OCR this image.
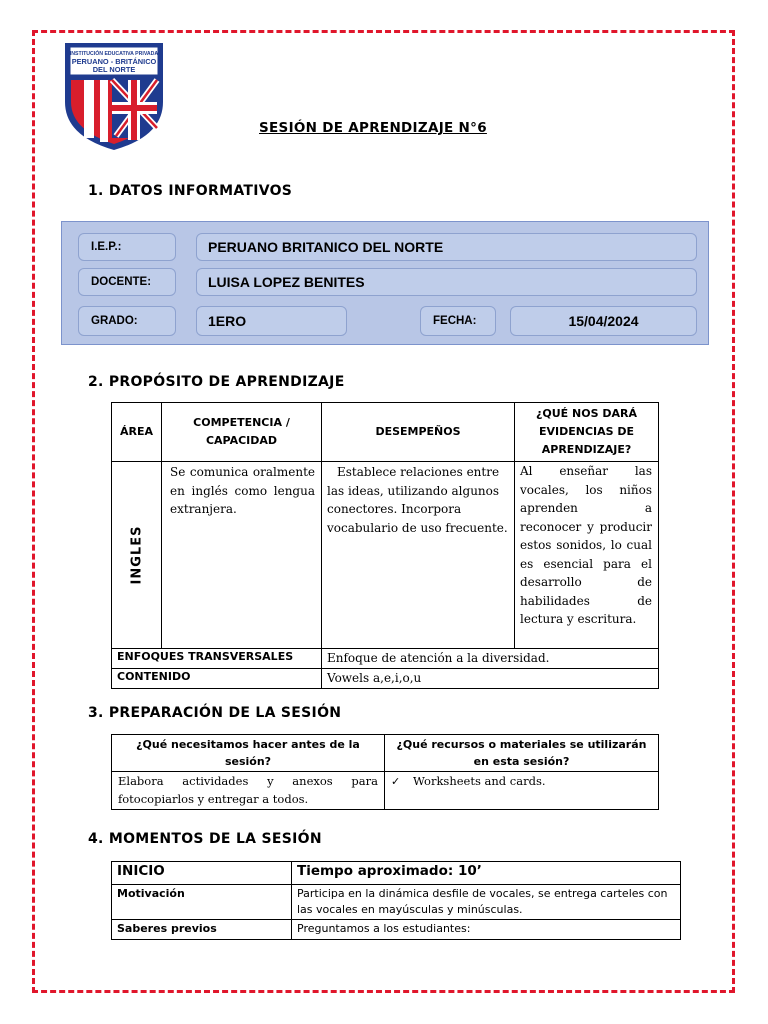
INSTITUCIÓN EDUCATIVA PRIVADA
PERUANO - BRITÁNICO
DEL NORTE
SESIÓN DE APRENDIZAJE N°6
1. DATOS INFORMATIVOS
I.E.P.:	PERUANO BRITANICO DEL NORTE
DOCENTE:	LUISA LOPEZ BENITES
GRADO:	1ERO	FECHA:	15/04/2024
2. PROPÓSITO DE APRENDIZAJE
ÁREA	COMPETENCIA / CAPACIDAD	DESEMPEÑOS	¿QUÉ NOS DARÁ EVIDENCIAS DE APRENDIZAJE?

INGLES	Se comunica oralmente en inglés como lengua extranjera.	Establece relaciones entre las ideas, utilizando algunos conectores. Incorpora vocabulario de uso frecuente.	Al enseñar las vocales, los niños aprenden a reconocer y producir estos sonidos, lo cual es esencial para el desarrollo de habilidades de lectura y escritura.
ENFOQUES TRANSVERSALES		Enfoque de atención a la diversidad.	
CONTENIDO		Vowels a,e,i,o,u	
3. PREPARACIÓN DE LA SESIÓN
¿Qué necesitamos hacer antes de la sesión?	¿Qué recursos o materiales se utilizarán en esta sesión?
Elabora actividades y anexos para fotocopiarlos y entregar a todos.	✓ Worksheets and cards.
4. MOMENTOS DE LA SESIÓN
INICIO	Tiempo aproximado: 10’
Motivación	Participa en la dinámica desfile de vocales, se entrega carteles con las vocales en mayúsculas y minúsculas.
Saberes previos	Preguntamos a los estudiantes:
